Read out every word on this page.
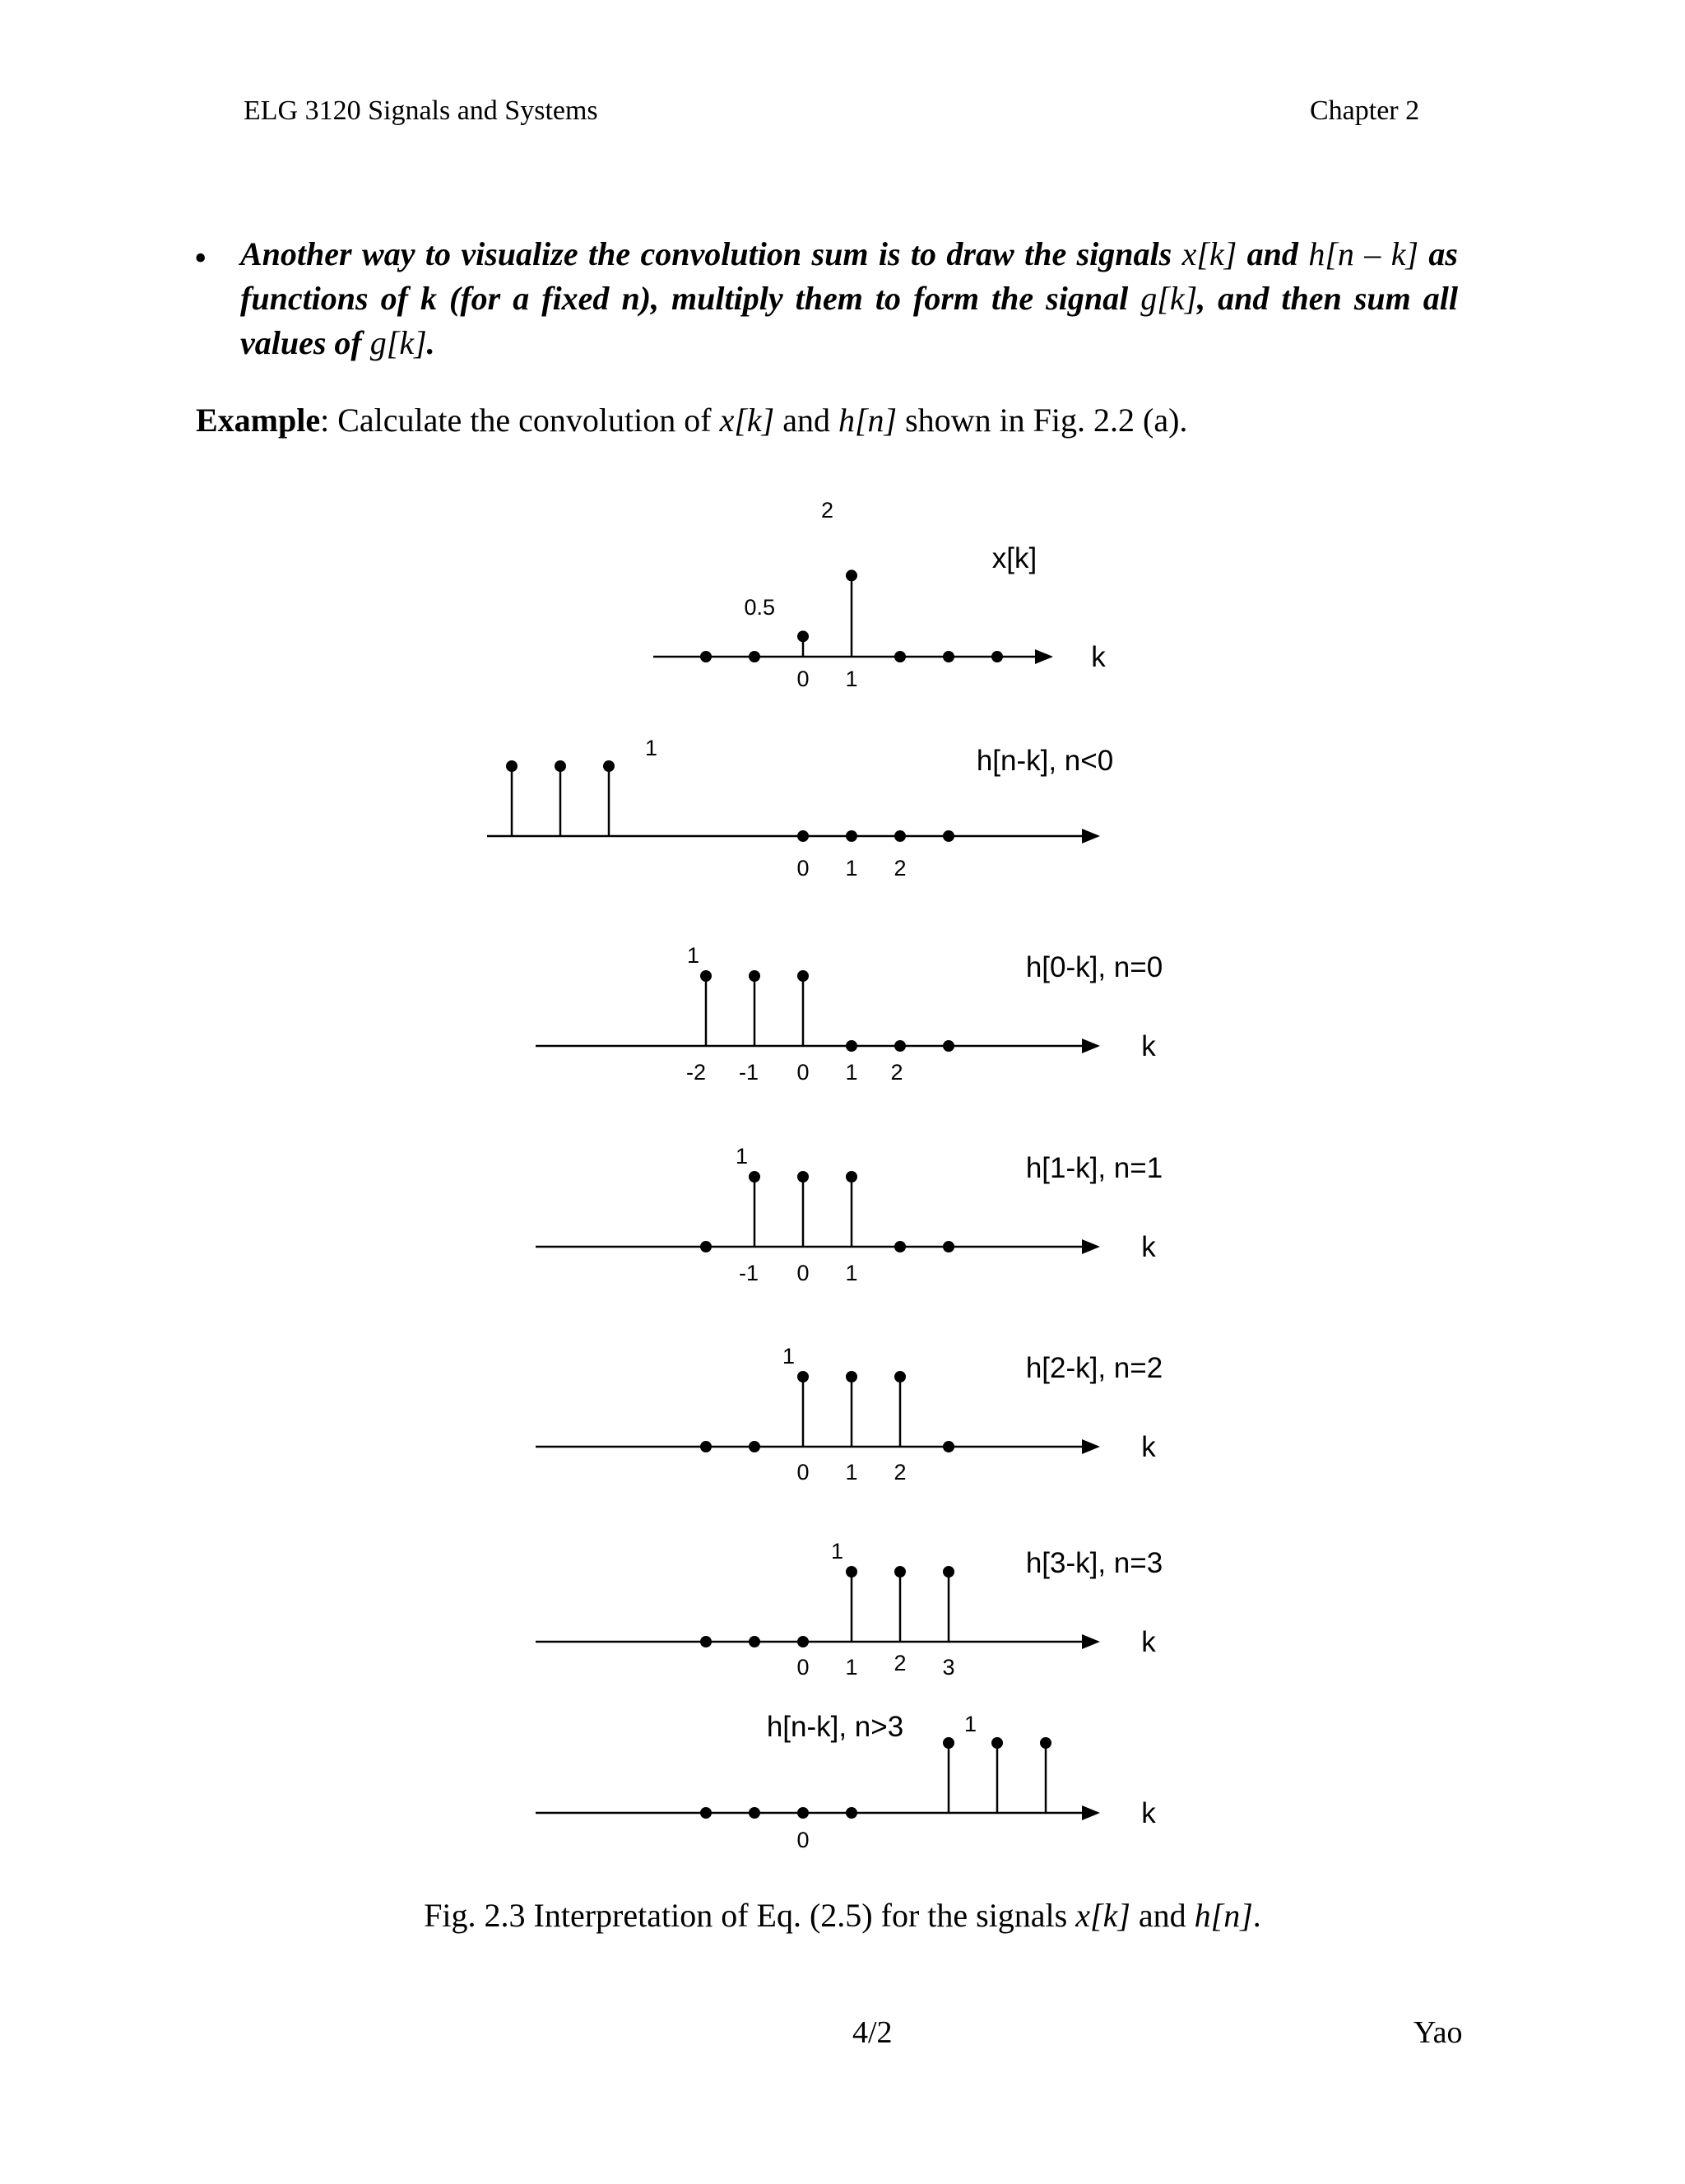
ELG 3120 Signals and Systems	Chapter 2
• Another way to visualize the convolution sum is to draw the signals x[k] and h[n – k] as functions of k (for a fixed n), multiply them to form the signal g[k], and then sum all values of g[k].
Example: Calculate the convolution of x[k] and h[n] shown in Fig. 2.2 (a).
x[k]
k
2
0.5
0 1
h[n-k], n<0
1
0 1 2
h[0-k], n=0
k
1
-2 -1 0 1 2
h[1-k], n=1
k
1
-1 0 1
h[2-k], n=2
k
1
0 1 2
h[3-k], n=3
k
1
0 1 2 3
h[n-k], n>3
k
1
0
Fig. 2.3 Interpretation of Eq. (2.5) for the signals x[k] and h[n].
4/2	Yao
